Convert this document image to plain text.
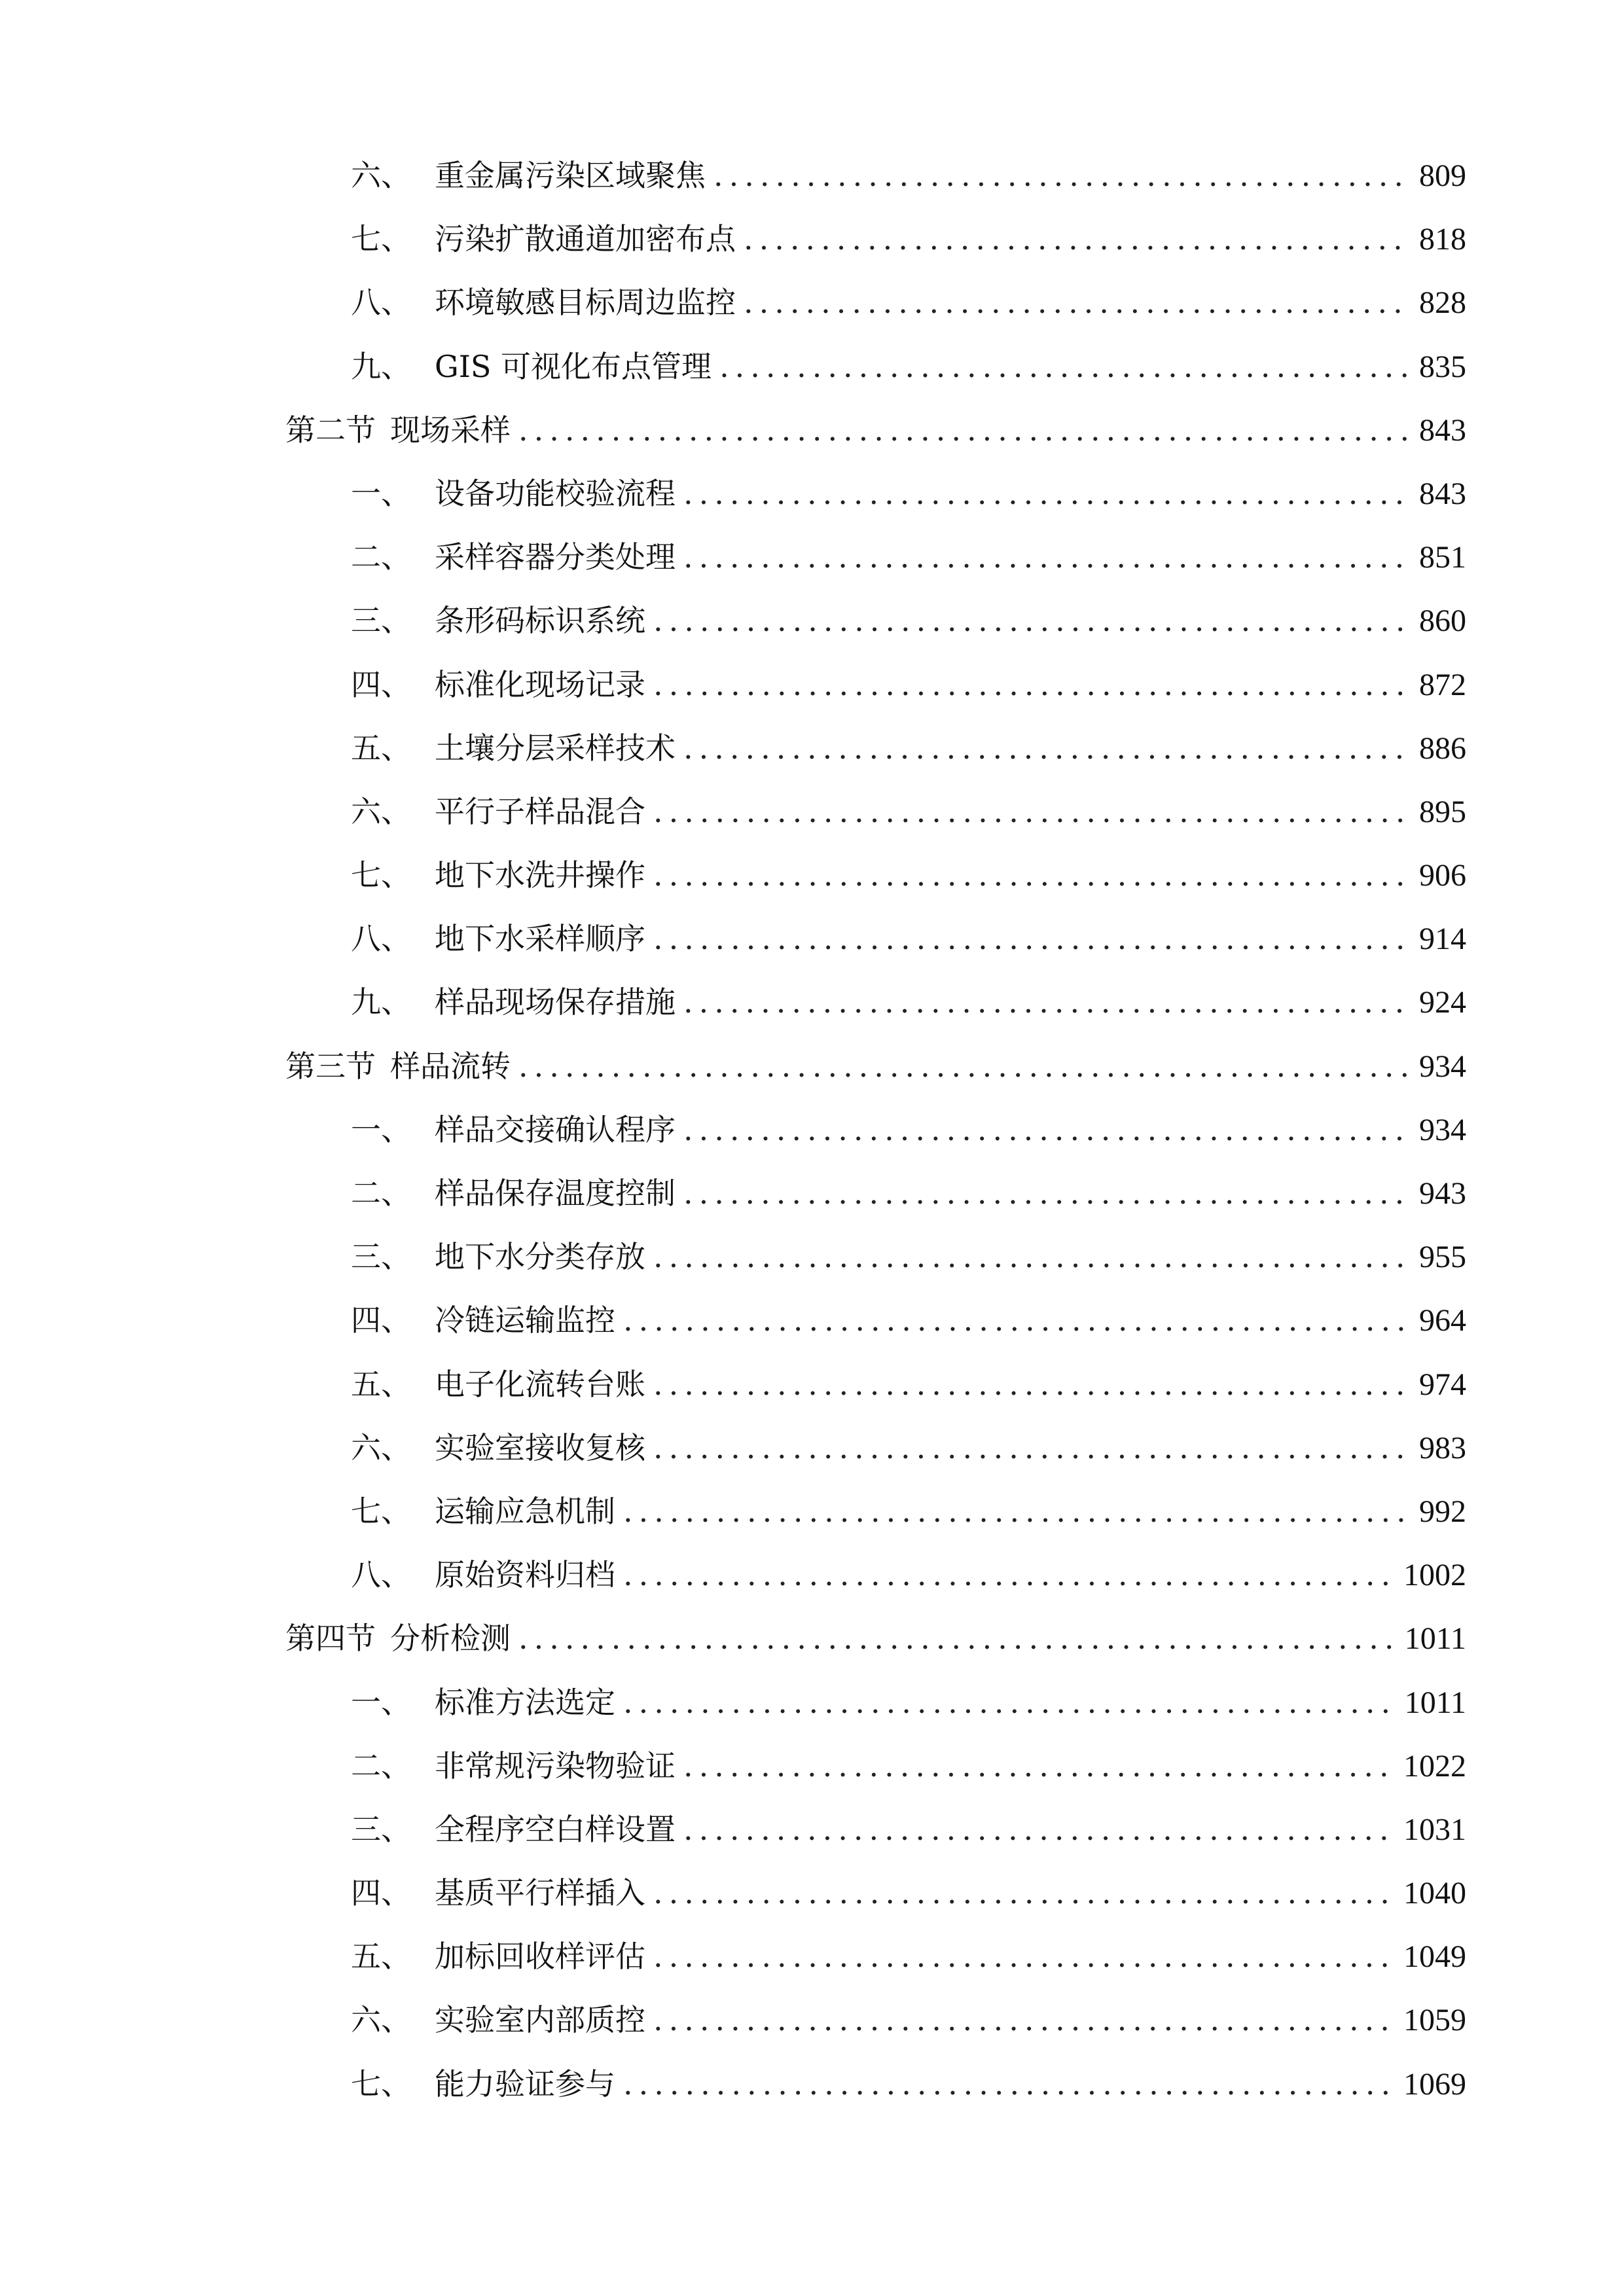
六、 重金属污染区域聚焦 .....	809
七、 污染扩散通道加密布点 .....	818
八、 环境敏感目标周边监控 .....	828
九、 GIS 可视化布点管理 .....	835
第二节 现场采样 .....	843
一、 设备功能校验流程 .....	843
二、 采样容器分类处理 .....	851
三、 条形码标识系统 .....	860
四、 标准化现场记录 .....	872
五、 土壤分层采样技术 .....	886
六、 平行子样品混合 .....	895
七、 地下水洗井操作 .....	906
八、 地下水采样顺序 .....	914
九、 样品现场保存措施 .....	924
第三节 样品流转 .....	934
一、 样品交接确认程序 .....	934
二、 样品保存温度控制 .....	943
三、 地下水分类存放 .....	955
四、 冷链运输监控 .....	964
五、 电子化流转台账 .....	974
六、 实验室接收复核 .....	983
七、 运输应急机制 .....	992
八、 原始资料归档 .....	1002
第四节 分析检测 .....	1011
一、 标准方法选定 .....	1011
二、 非常规污染物验证 .....	1022
三、 全程序空白样设置 .....	1031
四、 基质平行样插入 .....	1040
五、 加标回收样评估 .....	1049
六、 实验室内部质控 .....	1059
七、 能力验证参与 .....	1069
